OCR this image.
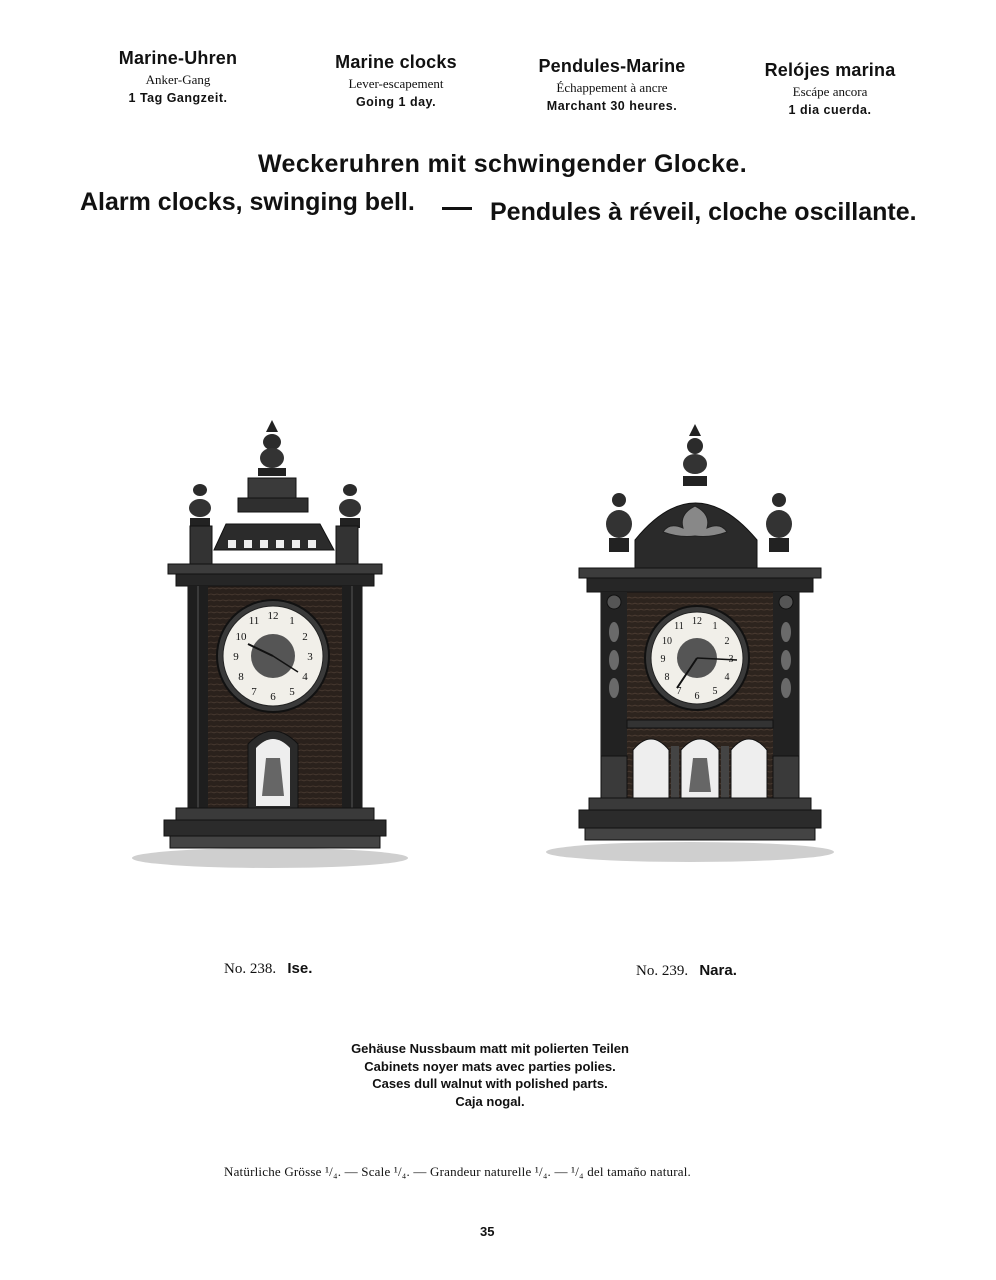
Marine-Uhren
Anker-Gang
1 Tag Gangzeit.
Marine clocks
Lever-escapement
Going 1 day.
Pendules-Marine
Échappement à ancre
Marchant 30 heures.
Relójes marina
Escápe ancora
1 dia cuerda.
Weckeruhren mit schwingender Glocke.
Alarm clocks, swinging bell.	Pendules à réveil, cloche oscillante.
12
3
6
9
1
2
4
5
7
8
10
11	12
6
9
1
2
4
5
7
8
10
11
No. 238. Ise.	No. 239. Nara.
Gehäuse Nussbaum matt mit polierten Teilen
Cabinets noyer mats avec parties polies.
Cases dull walnut with polished parts.
Caja nogal.
Natürliche Grösse ¹/₄. — Scale ¹/₄. — Grandeur naturelle ¹/₄. — ¹/₄ del tamaño natural.
35
